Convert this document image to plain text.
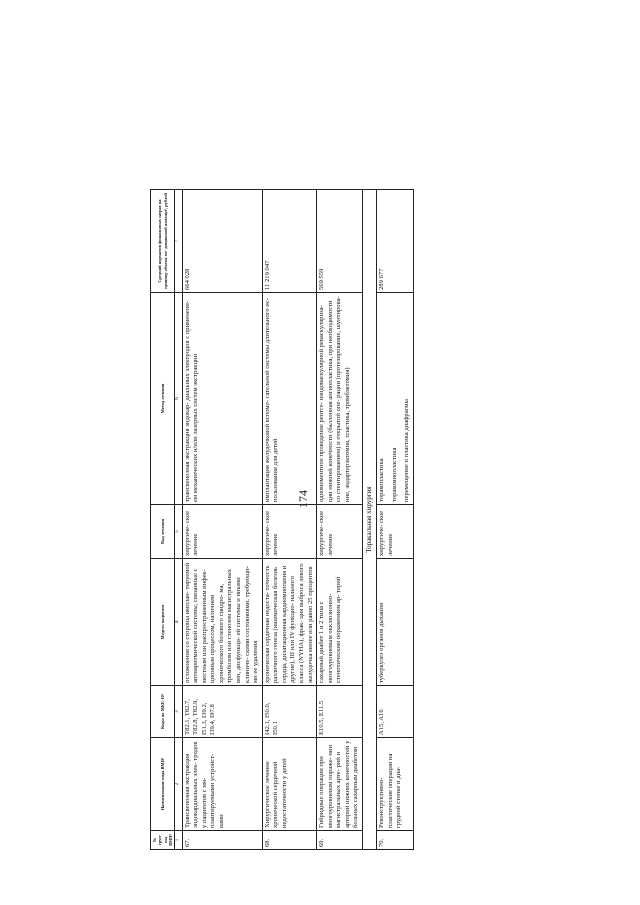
174
№ груп- пы ВМП¹	Наименование вида ВМП¹	Коды по МКБ-10²	Модель пациента	Вид лечения	Метод лечения	Средний норматив финансовых затрат на единицу объема ме- дицинской помощи³, рублей
1	2	3	4	5	6	7
67.	Трансвенозная экстракция эндокардиальных элек- тродов у пациентов с им- плантируемыми устройст- вами	T82.1, T82.7, T82.8, T82.9, I51.3, I39.2, I39.4, I97.8	осложнения со стороны имплан- тируемой антиаритмической системы, связанные с местным или распространенным инфек- ционным процессом, наличием хронического болевого синдро- ма, тромбозом или стенозом магистральных вен, дисфункци- ей системы и иными клиниче- скими состояниями, требующи- ми ее удаления	хирургиче- ское лечение	трансвенозная экстракция эндокар- диальных электродов с применени- ем механических и/или лазерных систем экстракции	664 028
68.	Хирургическое лечение хронической сердечной недостаточности у детей	I42.1, I50.0, I50.1	хроническая сердечная недоста- точность различного генеза (ишемическая болезнь сердца, дилатационная кардиомиопатия и другие), III или IV функцио- нального класса (NYHA), фрак- ция выброса левого желудочка менее или равно 25 процентов	хирургиче- ское лечение	имплантация желудочковой вспомо- гательной системы длительного ис- пользования для детей	11 219 047
69.	Гибридные операции при многоуровневом пораже- нии магистральных арте- рий и артерий нижних конечностей у больных сахарным диабетом	E10.5, E11.5	сахарный диабет 1 и 2 типа с многоуровневым окклюзионно- стенотическим поражением ар- терий	хирургиче- ское лечение	одномоментное проведение рентге- нэндоваскулярной реваскуляриза- ции нижней конечности (баллонная ангиопластика, при необходимости со стентированием) и открытой опе- рации (протезирование, шунтирова- ние, эндартерэктомия, пластика, тромбэктомия)	569 559
Торакальная хирургия						
70.	Реконструктивно- пластические операции на грудной стенке и диа-	A15, A16	туберкулез органов дыхания	хирургиче- ское лечение	торакопластика торакомиопластика перемещение и пластика диафрагмы	289 677
